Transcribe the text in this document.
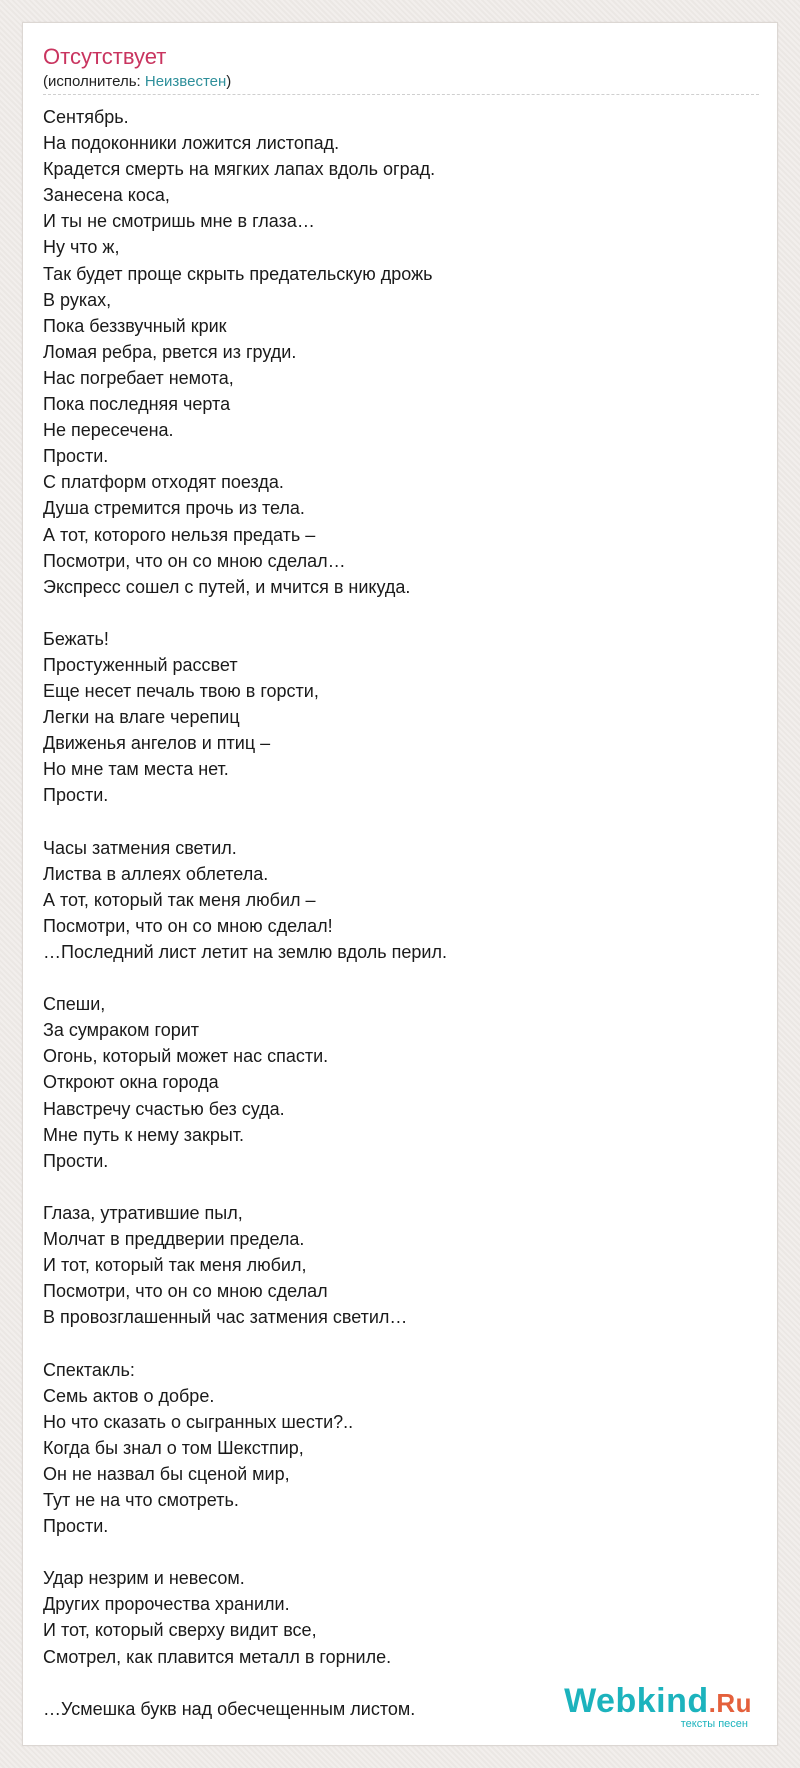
Отсутствует
(исполнитель: Неизвестен)
Сентябрь.
На подоконники ложится листопад.
Крадется смерть на мягких лапах вдоль оград.
Занесена коса,
И ты не смотришь мне в глаза…
Ну что ж,
Так будет проще скрыть предательскую дрожь
В руках,
Пока беззвучный крик
Ломая ребра, рвется из груди.
Нас погребает немота,
Пока последняя черта
Не пересечена.
Прости.
С платформ отходят поезда.
Душа стремится прочь из тела.
А тот, которого нельзя предать –
Посмотри, что он со мною сделал…
Экспресс сошел с путей, и мчится в никуда.
Бежать!
Простуженный рассвет
Еще несет печаль твою в горсти,
Легки на влаге черепиц
Движенья ангелов и птиц –
Но мне там места нет.
Прости.
Часы затмения светил.
Листва в аллеях облетела.
А тот, который так меня любил –
Посмотри, что он со мною сделал!
…Последний лист летит на землю вдоль перил.
Спеши,
За сумраком горит
Огонь, который может нас спасти.
Откроют окна города
Навстречу счастью без суда.
Мне путь к нему закрыт.
Прости.
Глаза, утратившие пыл,
Молчат в преддверии предела.
И тот, который так меня любил,
Посмотри, что он со мною сделал
В провозглашенный час затмения светил…
Спектакль:
Семь актов о добре.
Но что сказать о сыгранных шести?..
Когда бы знал о том Шекстпир,
Он не назвал бы сценой мир,
Тут не на что смотреть.
Прости.
Удар незрим и невесом.
Других пророчества хранили.
И тот, который сверху видит все,
Смотрел, как плавится металл в горниле.
…Усмешка букв над обесчещенным листом.	Webkind.Ru
тексты песен
